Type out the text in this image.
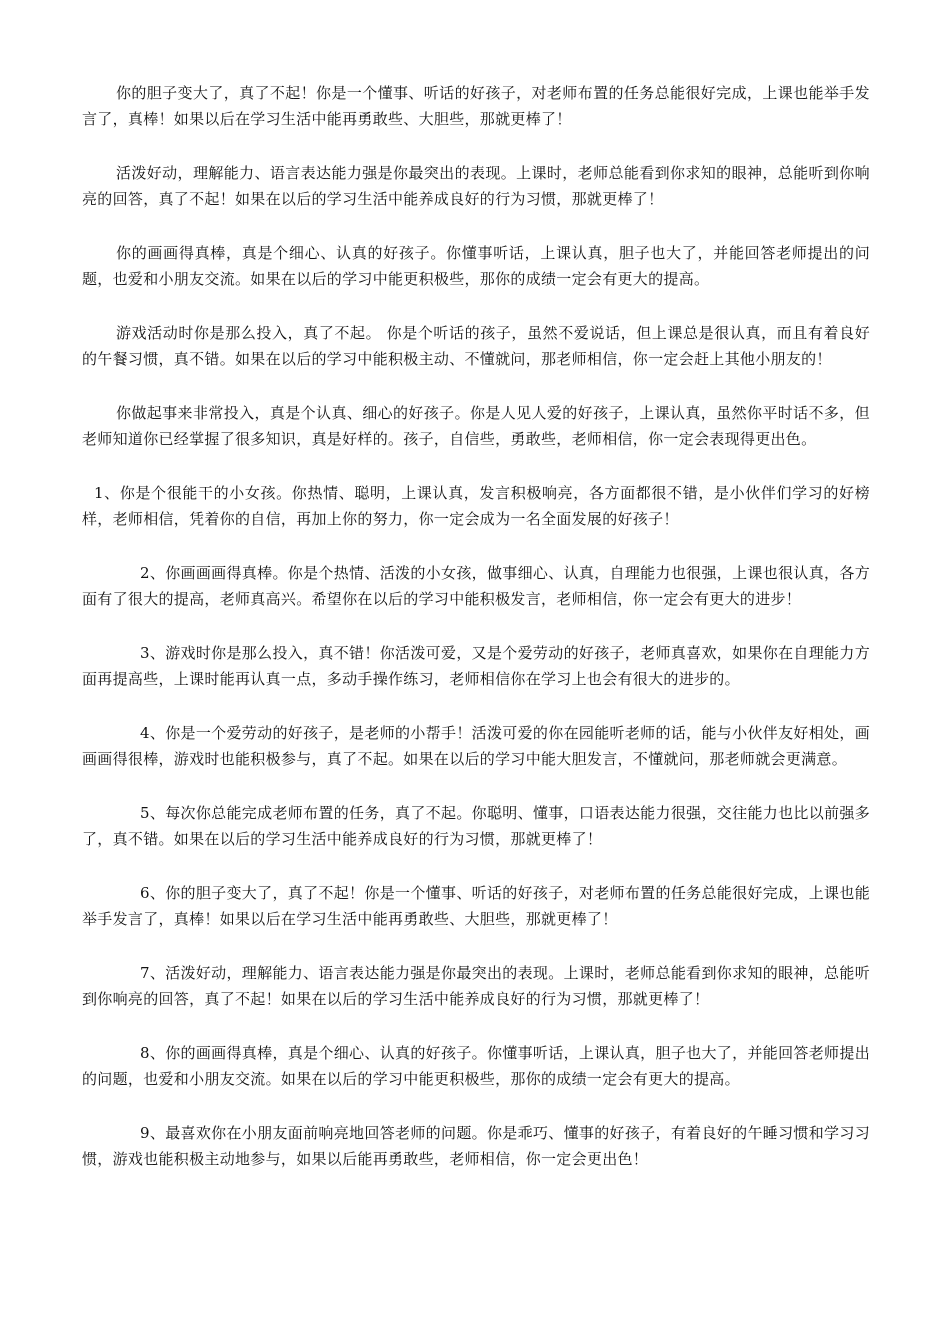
你的胆子变大了，真了不起！你是一个懂事、听话的好孩子，对老师布置的任务总能很好完成，上课也能举手发言了，真棒！如果以后在学习生活中能再勇敢些、大胆些，那就更棒了！

活泼好动，理解能力、语言表达能力强是你最突出的表现。上课时，老师总能看到你求知的眼神，总能听到你响亮的回答，真了不起！如果在以后的学习生活中能养成良好的行为习惯，那就更棒了！

你的画画得真棒，真是个细心、认真的好孩子。你懂事听话，上课认真，胆子也大了，并能回答老师提出的问题，也爱和小朋友交流。如果在以后的学习中能更积极些，那你的成绩一定会有更大的提高。

游戏活动时你是那么投入，真了不起。 你是个听话的孩子，虽然不爱说话，但上课总是很认真，而且有着良好的午餐习惯，真不错。如果在以后的学习中能积极主动、不懂就问，那老师相信，你一定会赶上其他小朋友的！

你做起事来非常投入，真是个认真、细心的好孩子。你是人见人爱的好孩子，上课认真，虽然你平时话不多，但老师知道你已经掌握了很多知识，真是好样的。孩子，自信些，勇敢些，老师相信，你一定会表现得更出色。

1、你是个很能干的小女孩。你热情、聪明，上课认真，发言积极响亮，各方面都很不错，是小伙伴们学习的好榜样，老师相信，凭着你的自信，再加上你的努力，你一定会成为一名全面发展的好孩子！

2、你画画画得真棒。你是个热情、活泼的小女孩，做事细心、认真，自理能力也很强，上课也很认真，各方面有了很大的提高，老师真高兴。希望你在以后的学习中能积极发言，老师相信，你一定会有更大的进步！

3、游戏时你是那么投入，真不错！你活泼可爱，又是个爱劳动的好孩子，老师真喜欢，如果你在自理能力方面再提高些，上课时能再认真一点，多动手操作练习，老师相信你在学习上也会有很大的进步的。

4、你是一个爱劳动的好孩子，是老师的小帮手！活泼可爱的你在园能听老师的话，能与小伙伴友好相处，画画画得很棒，游戏时也能积极参与，真了不起。如果在以后的学习中能大胆发言，不懂就问，那老师就会更满意。

5、每次你总能完成老师布置的任务，真了不起。你聪明、懂事，口语表达能力很强，交往能力也比以前强多了，真不错。如果在以后的学习生活中能养成良好的行为习惯，那就更棒了！

6、你的胆子变大了，真了不起！你是一个懂事、听话的好孩子，对老师布置的任务总能很好完成，上课也能举手发言了，真棒！如果以后在学习生活中能再勇敢些、大胆些，那就更棒了！

7、活泼好动，理解能力、语言表达能力强是你最突出的表现。上课时，老师总能看到你求知的眼神，总能听到你响亮的回答，真了不起！如果在以后的学习生活中能养成良好的行为习惯，那就更棒了！

8、你的画画得真棒，真是个细心、认真的好孩子。你懂事听话，上课认真，胆子也大了，并能回答老师提出的问题，也爱和小朋友交流。如果在以后的学习中能更积极些，那你的成绩一定会有更大的提高。

9、最喜欢你在小朋友面前响亮地回答老师的问题。你是乖巧、懂事的好孩子，有着良好的午睡习惯和学习习惯，游戏也能积极主动地参与，如果以后能再勇敢些，老师相信，你一定会更出色！
